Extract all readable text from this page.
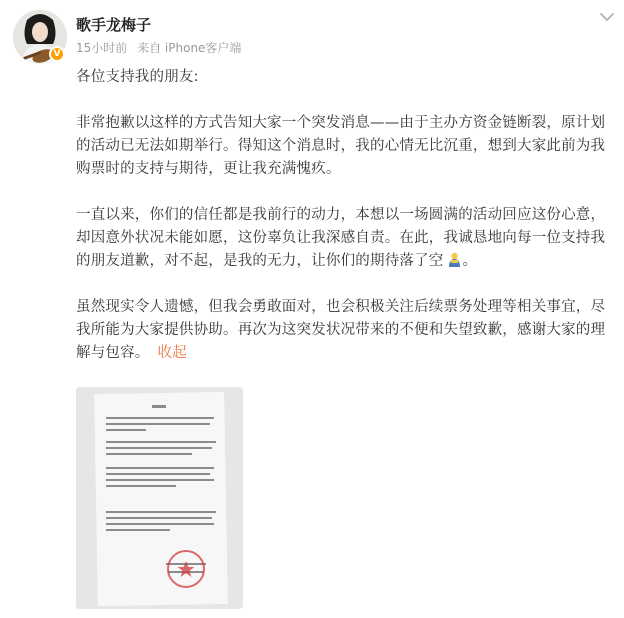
V
歌手龙梅子
15小时前 来自 iPhone客户端

各位支持我的朋友:

非常抱歉以这样的方式告知大家一个突发消息——由于主办方资金链断裂，原计划的活动已无法如期举行。得知这个消息时，我的心情无比沉重，想到大家此前为我购票时的支持与期待，更让我充满愧疚。

一直以来，你们的信任都是我前行的动力，本想以一场圆满的活动回应这份心意，却因意外状况未能如愿，这份辜负让我深感自责。在此，我诚恳地向每一位支持我的朋友道歉，对不起，是我的无力，让你们的期待落了空 。

虽然现实令人遗憾，但我会勇敢面对，也会积极关注后续票务处理等相关事宜，尽我所能为大家提供协助。再次为这突发状况带来的不便和失望致歉，感谢大家的理解与包容。 收起
